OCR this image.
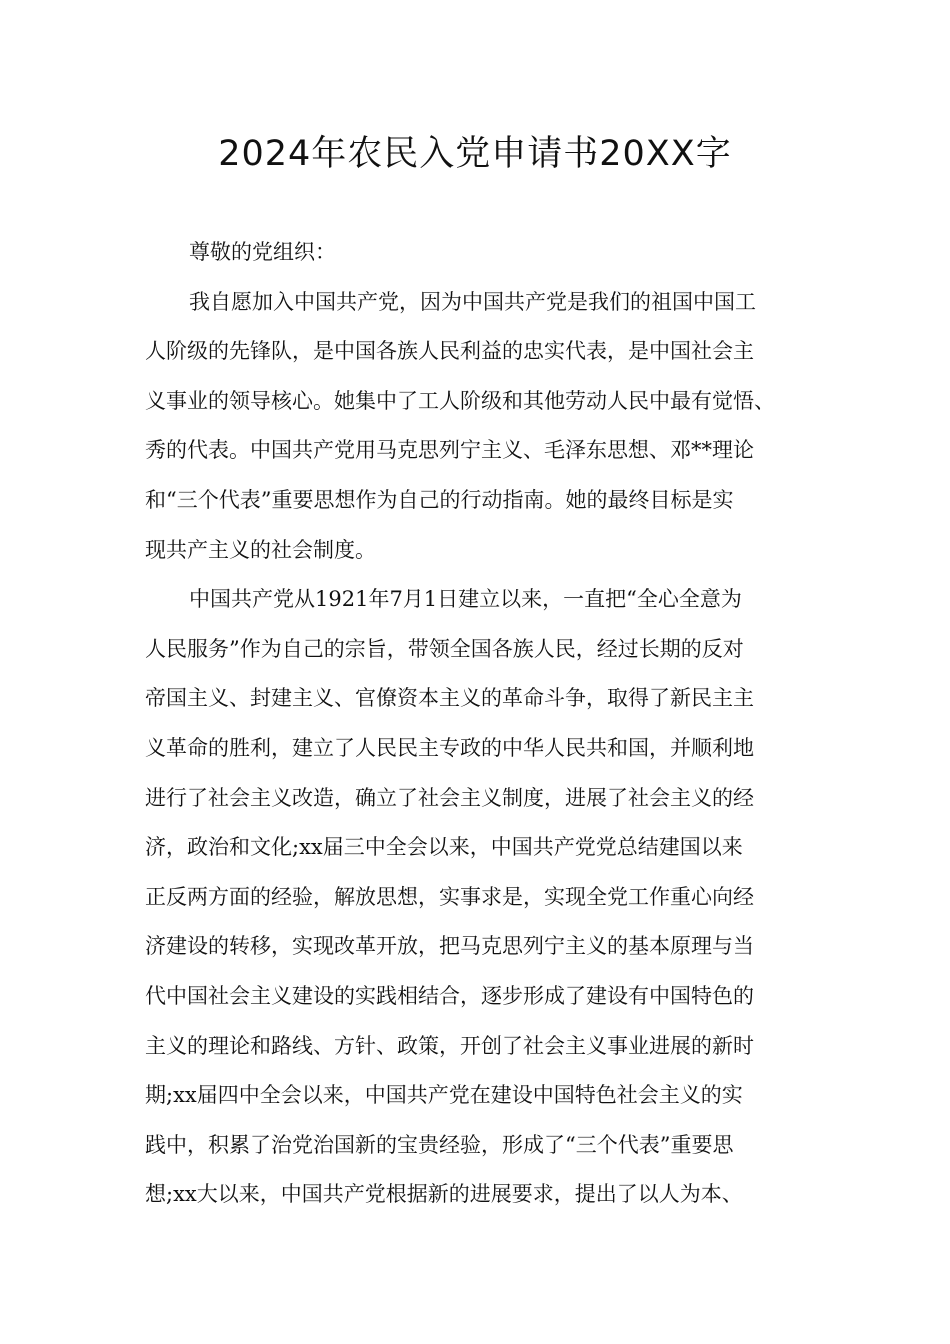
2024年农民入党申请书20XX字
尊敬的党组织：
我自愿加入中国共产党，因为中国共产党是我们的祖国中国工
人阶级的先锋队，是中国各族人民利益的忠实代表，是中国社会主
义事业的领导核心。她集中了工人阶级和其他劳动人民中最有觉悟、
秀的代表。中国共产党用马克思列宁主义、毛泽东思想、邓**理论
和“三个代表”重要思想作为自己的行动指南。她的最终目标是实
现共产主义的社会制度。
中国共产党从1921年7月1日建立以来，一直把“全心全意为
人民服务”作为自己的宗旨，带领全国各族人民，经过长期的反对
帝国主义、封建主义、官僚资本主义的革命斗争，取得了新民主主
义革命的胜利，建立了人民民主专政的中华人民共和国，并顺利地
进行了社会主义改造，确立了社会主义制度，进展了社会主义的经
济，政治和文化;xx届三中全会以来，中国共产党党总结建国以来
正反两方面的经验，解放思想，实事求是，实现全党工作重心向经
济建设的转移，实现改革开放，把马克思列宁主义的基本原理与当
代中国社会主义建设的实践相结合，逐步形成了建设有中国特色的
主义的理论和路线、方针、政策，开创了社会主义事业进展的新时
期;xx届四中全会以来，中国共产党在建设中国特色社会主义的实
践中，积累了治党治国新的宝贵经验，形成了“三个代表”重要思
想;xx大以来，中国共产党根据新的进展要求，提出了以人为本、
